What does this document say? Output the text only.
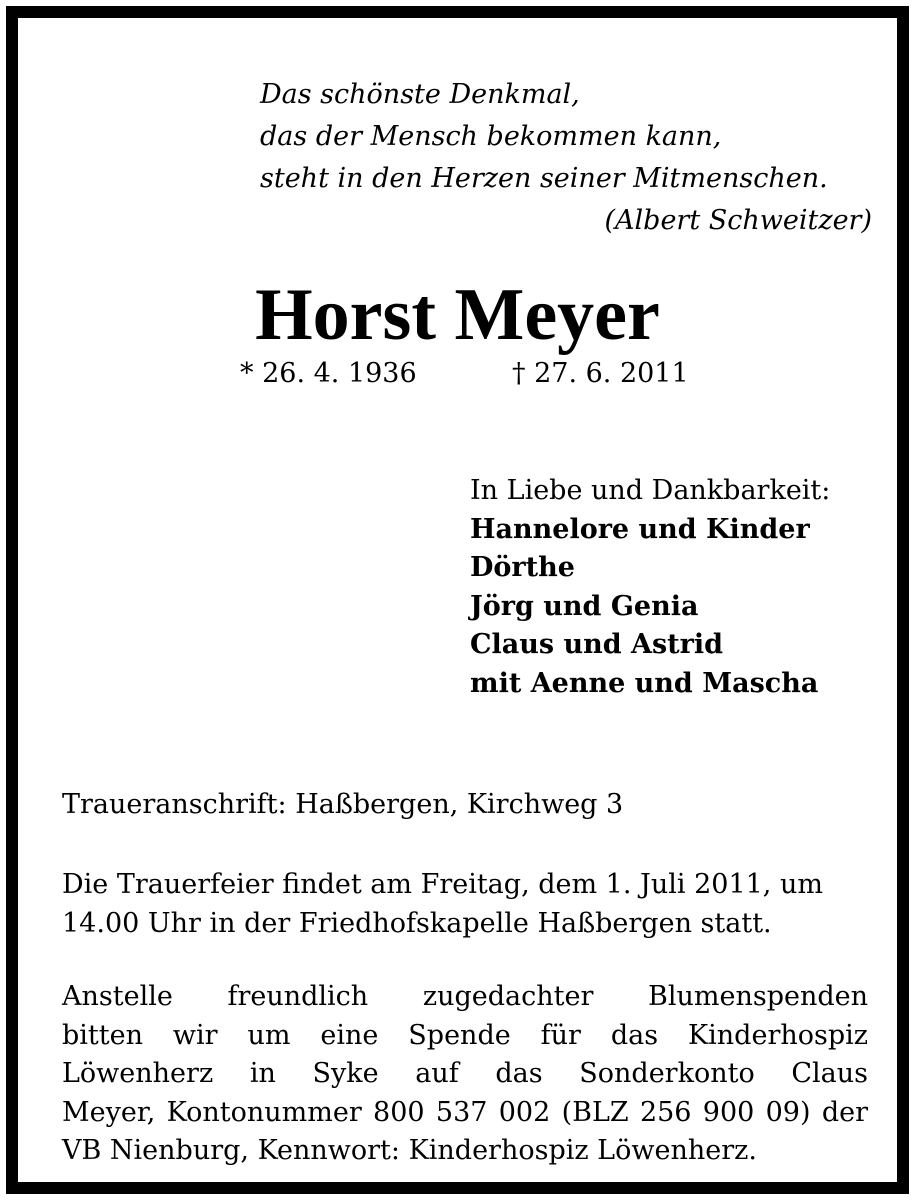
Das schönste Denkmal,
das der Mensch bekommen kann,
steht in den Herzen seiner Mitmenschen.
(Albert Schweitzer)
Horst Meyer
* 26. 4. 1936	† 27. 6. 2011
In Liebe und Dankbarkeit:
Hannelore und Kinder
Dörthe
Jörg und Genia
Claus und Astrid
mit Aenne und Mascha
Traueranschrift: Haßbergen, Kirchweg 3
Die Trauerfeier findet am Freitag, dem 1. Juli 2011, um
14.00 Uhr in der Friedhofskapelle Haßbergen statt.
Anstelle freundlich zugedachter Blumenspenden
bitten wir um eine Spende für das Kinderhospiz
Löwenherz in Syke auf das Sonderkonto Claus
Meyer, Kontonummer 800 537 002 (BLZ 256 900 09) der
VB Nienburg, Kennwort: Kinderhospiz Löwenherz.
